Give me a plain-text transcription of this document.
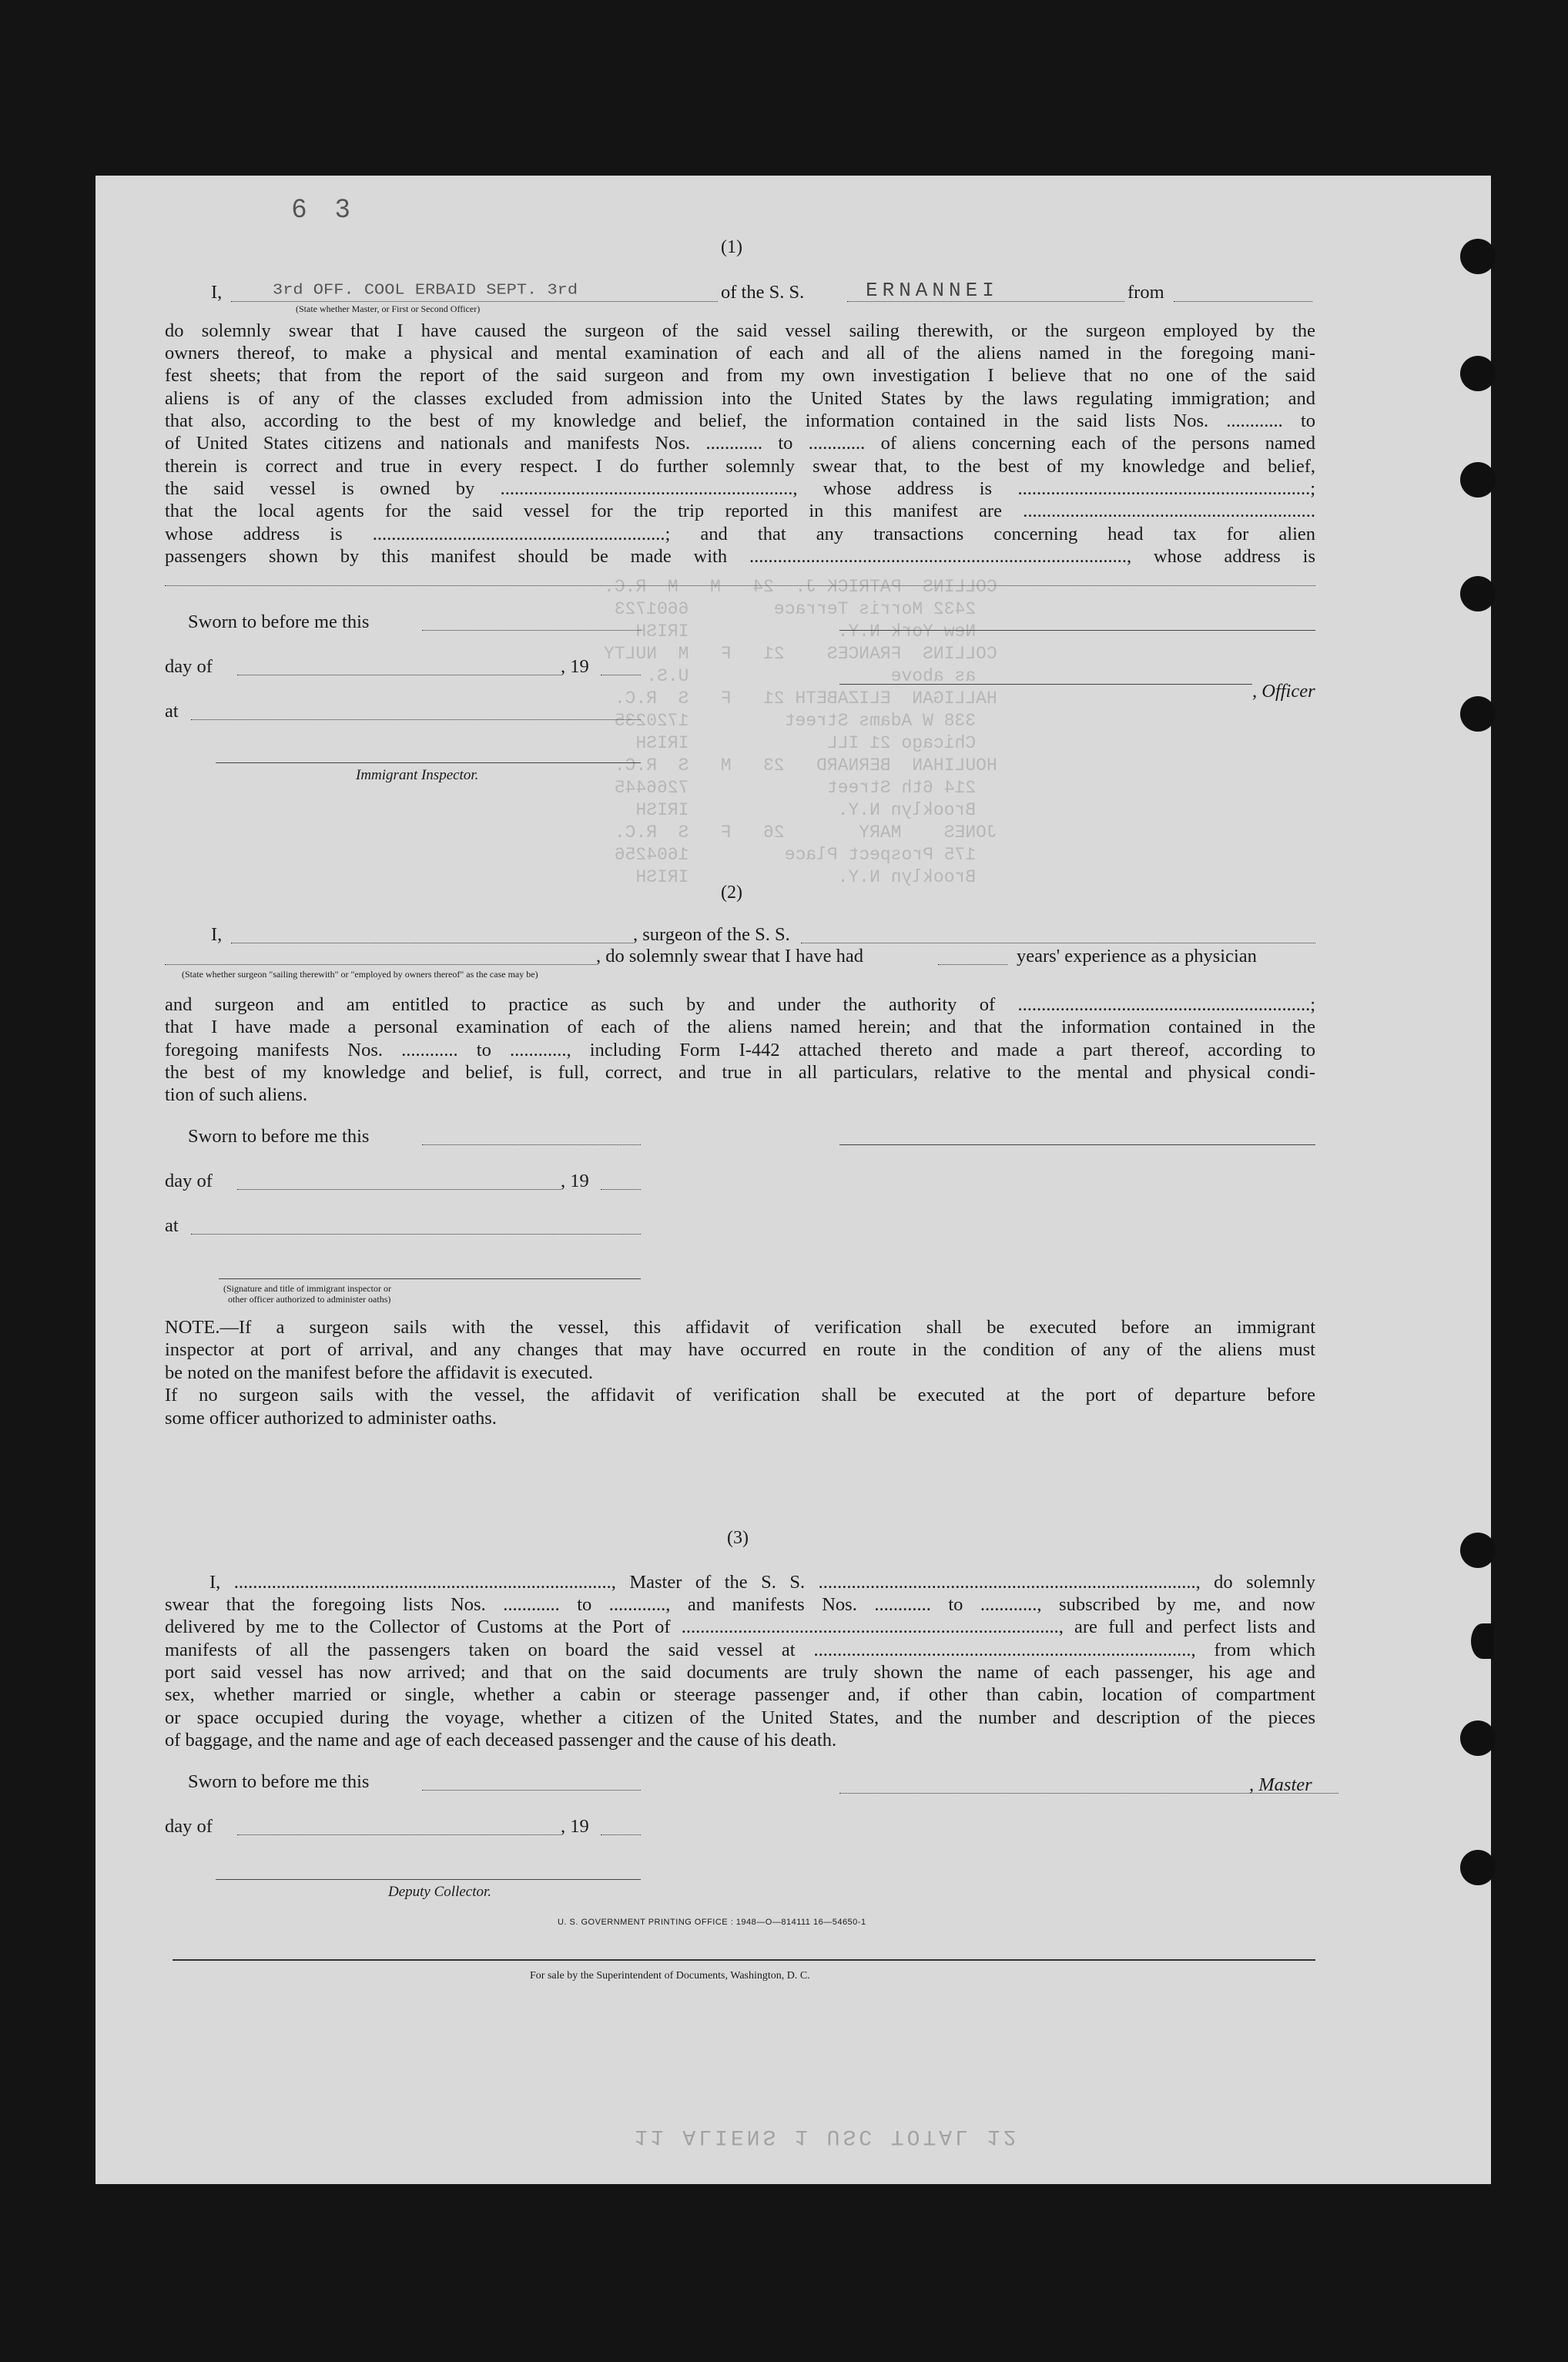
6 3
COLLINS  PATRICK J.  24   M   M  R.C.
2432 Morris Terrace        6601723
New York N.Y.              IRISH
COLLINS  FRANCES    21   F   M  NULTY
as above                   U.S.
HALLIGAN  ELIZABETH 21   F   S  R.C.
338 W Adams Street         1720235
Chicago 21 ILL             IRISH
HOULIHAN  BERNARD   23   M   S  R.C.
214 6th Street             7266445
Brooklyn N.Y.              IRISH
JONES    MARY       26   F   S  R.C.
175 Prospect Place         1604256
Brooklyn N.Y.              IRISH
(1)
I,	3rd OFF. COOL ERBAID SEPT. 3rd	of the S. S.	ERNANNEI	from
(State whether Master, or First or Second Officer)
do solemnly swear that I have caused the surgeon of the said vessel sailing therewith, or the surgeon employed by the
owners thereof, to make a physical and mental examination of each and all of the aliens named in the foregoing mani-
fest sheets; that from the report of the said surgeon and from my own investigation I believe that no one of the said
aliens is of any of the classes excluded from admission into the United States by the laws regulating immigration; and
that also, according to the best of my knowledge and belief, the information contained in the said lists Nos. ............ to
of United States citizens and nationals and manifests Nos. ............ to ............ of aliens concerning each of the persons named
therein is correct and true in every respect. I do further solemnly swear that, to the best of my knowledge and belief,
the said vessel is owned by .............................................................., whose address is ..............................................................;
that the local agents for the said vessel for the trip reported in this manifest are ..............................................................
whose address is ..............................................................; and that any transactions concerning head tax for alien
passengers shown by this manifest should be made with ................................................................................, whose address is
Sworn to before me this
day of	, 19
at
, Officer
Immigrant Inspector.
(2)
I,	, surgeon of the S. S.
, do solemnly swear that I have had	years' experience as a physician
(State whether surgeon "sailing therewith" or "employed by owners thereof" as the case may be)
and surgeon and am entitled to practice as such by and under the authority of ..............................................................;
that I have made a personal examination of each of the aliens named herein; and that the information contained in the
foregoing manifests Nos. ............ to ............, including Form I-442 attached thereto and made a part thereof, according to
the best of my knowledge and belief, is full, correct, and true in all particulars, relative to the mental and physical condi-
tion of such aliens.
Sworn to before me this
day of	, 19
at
(Signature and title of immigrant inspector or
other officer authorized to administer oaths)
NOTE.—If a surgeon sails with the vessel, this affidavit of verification shall be executed before an immigrant
inspector at port of arrival, and any changes that may have occurred en route in the condition of any of the aliens must
be noted on the manifest before the affidavit is executed.
If no surgeon sails with the vessel, the affidavit of verification shall be executed at the port of departure before
some officer authorized to administer oaths.
(3)
I, ................................................................................, Master of the S. S. ................................................................................, do solemnly
swear that the foregoing lists Nos. ............ to ............, and manifests Nos. ............ to ............, subscribed by me, and now
delivered by me to the Collector of Customs at the Port of ................................................................................, are full and perfect lists and
manifests of all the passengers taken on board the said vessel at ................................................................................, from which
port said vessel has now arrived; and that on the said documents are truly shown the name of each passenger, his age and
sex, whether married or single, whether a cabin or steerage passenger and, if other than cabin, location of compartment
or space occupied during the voyage, whether a citizen of the United States, and the number and description of the pieces
of baggage, and the name and age of each deceased passenger and the cause of his death.
Sworn to before me this	, Master
day of	, 19
Deputy Collector.
U. S. GOVERNMENT PRINTING OFFICE : 1948—O—814111 16—54650-1
For sale by the Superintendent of Documents, Washington, D. C.
11 ALIENS 1 USC TOTAL 12
